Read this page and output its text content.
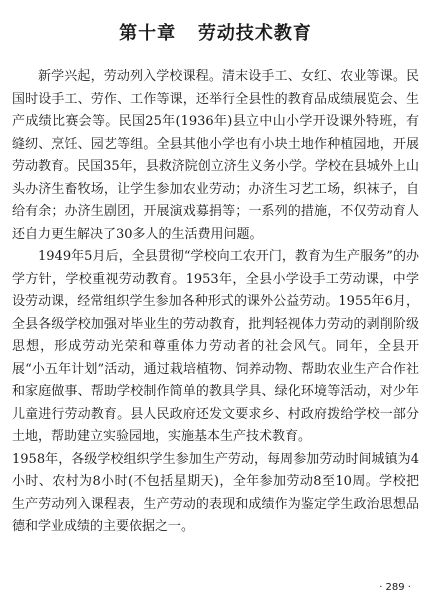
第十章   劳动技术教育

新学兴起，劳动列入学校课程。清末设手工、女红、农业等课。民国时设手工、劳作、工作等课，还举行全县性的教育品成绩展览会、生产成绩比赛会等。民国25年(1936年)县立中山小学开设课外特班，有缝纫、烹饪、园艺等组。全县其他小学也有小块土地作种植园地，开展劳动教育。民国35年，县救济院创立济生义务小学。学校在县城外上山头办济生畜牧场，让学生参加农业劳动；办济生习艺工场，织袜子，自给有余；办济生剧团，开展演戏募捐等；一系列的措施，不仅劳动育人还自力更生解决了30多人的生活费用问题。

1949年5月后，全县贯彻“学校向工农开门，教育为生产服务”的办学方针，学校重视劳动教育。1953年，全县小学设手工劳动课，中学设劳动课，经常组织学生参加各种形式的课外公益劳动。1955年6月，全县各级学校加强对毕业生的劳动教育，批判轻视体力劳动的剥削阶级思想，形成劳动光荣和尊重体力劳动者的社会风气。同年，全县开展“小五年计划”活动，通过栽培植物、饲养动物、帮助农业生产合作社和家庭做事、帮助学校制作简单的教具学具、绿化环境等活动，对少年儿童进行劳动教育。县人民政府还发文要求乡、村政府拨给学校一部分土地，帮助建立实验园地，实施基本生产技术教育。

1958年，各级学校组织学生参加生产劳动，每周参加劳动时间城镇为4小时、农村为8小时(不包括星期天)，全年参加劳动8至10周。学校把生产劳动列入课程表，生产劳动的表现和成绩作为鉴定学生政治思想品德和学业成绩的主要依据之一。

· 289 ·
